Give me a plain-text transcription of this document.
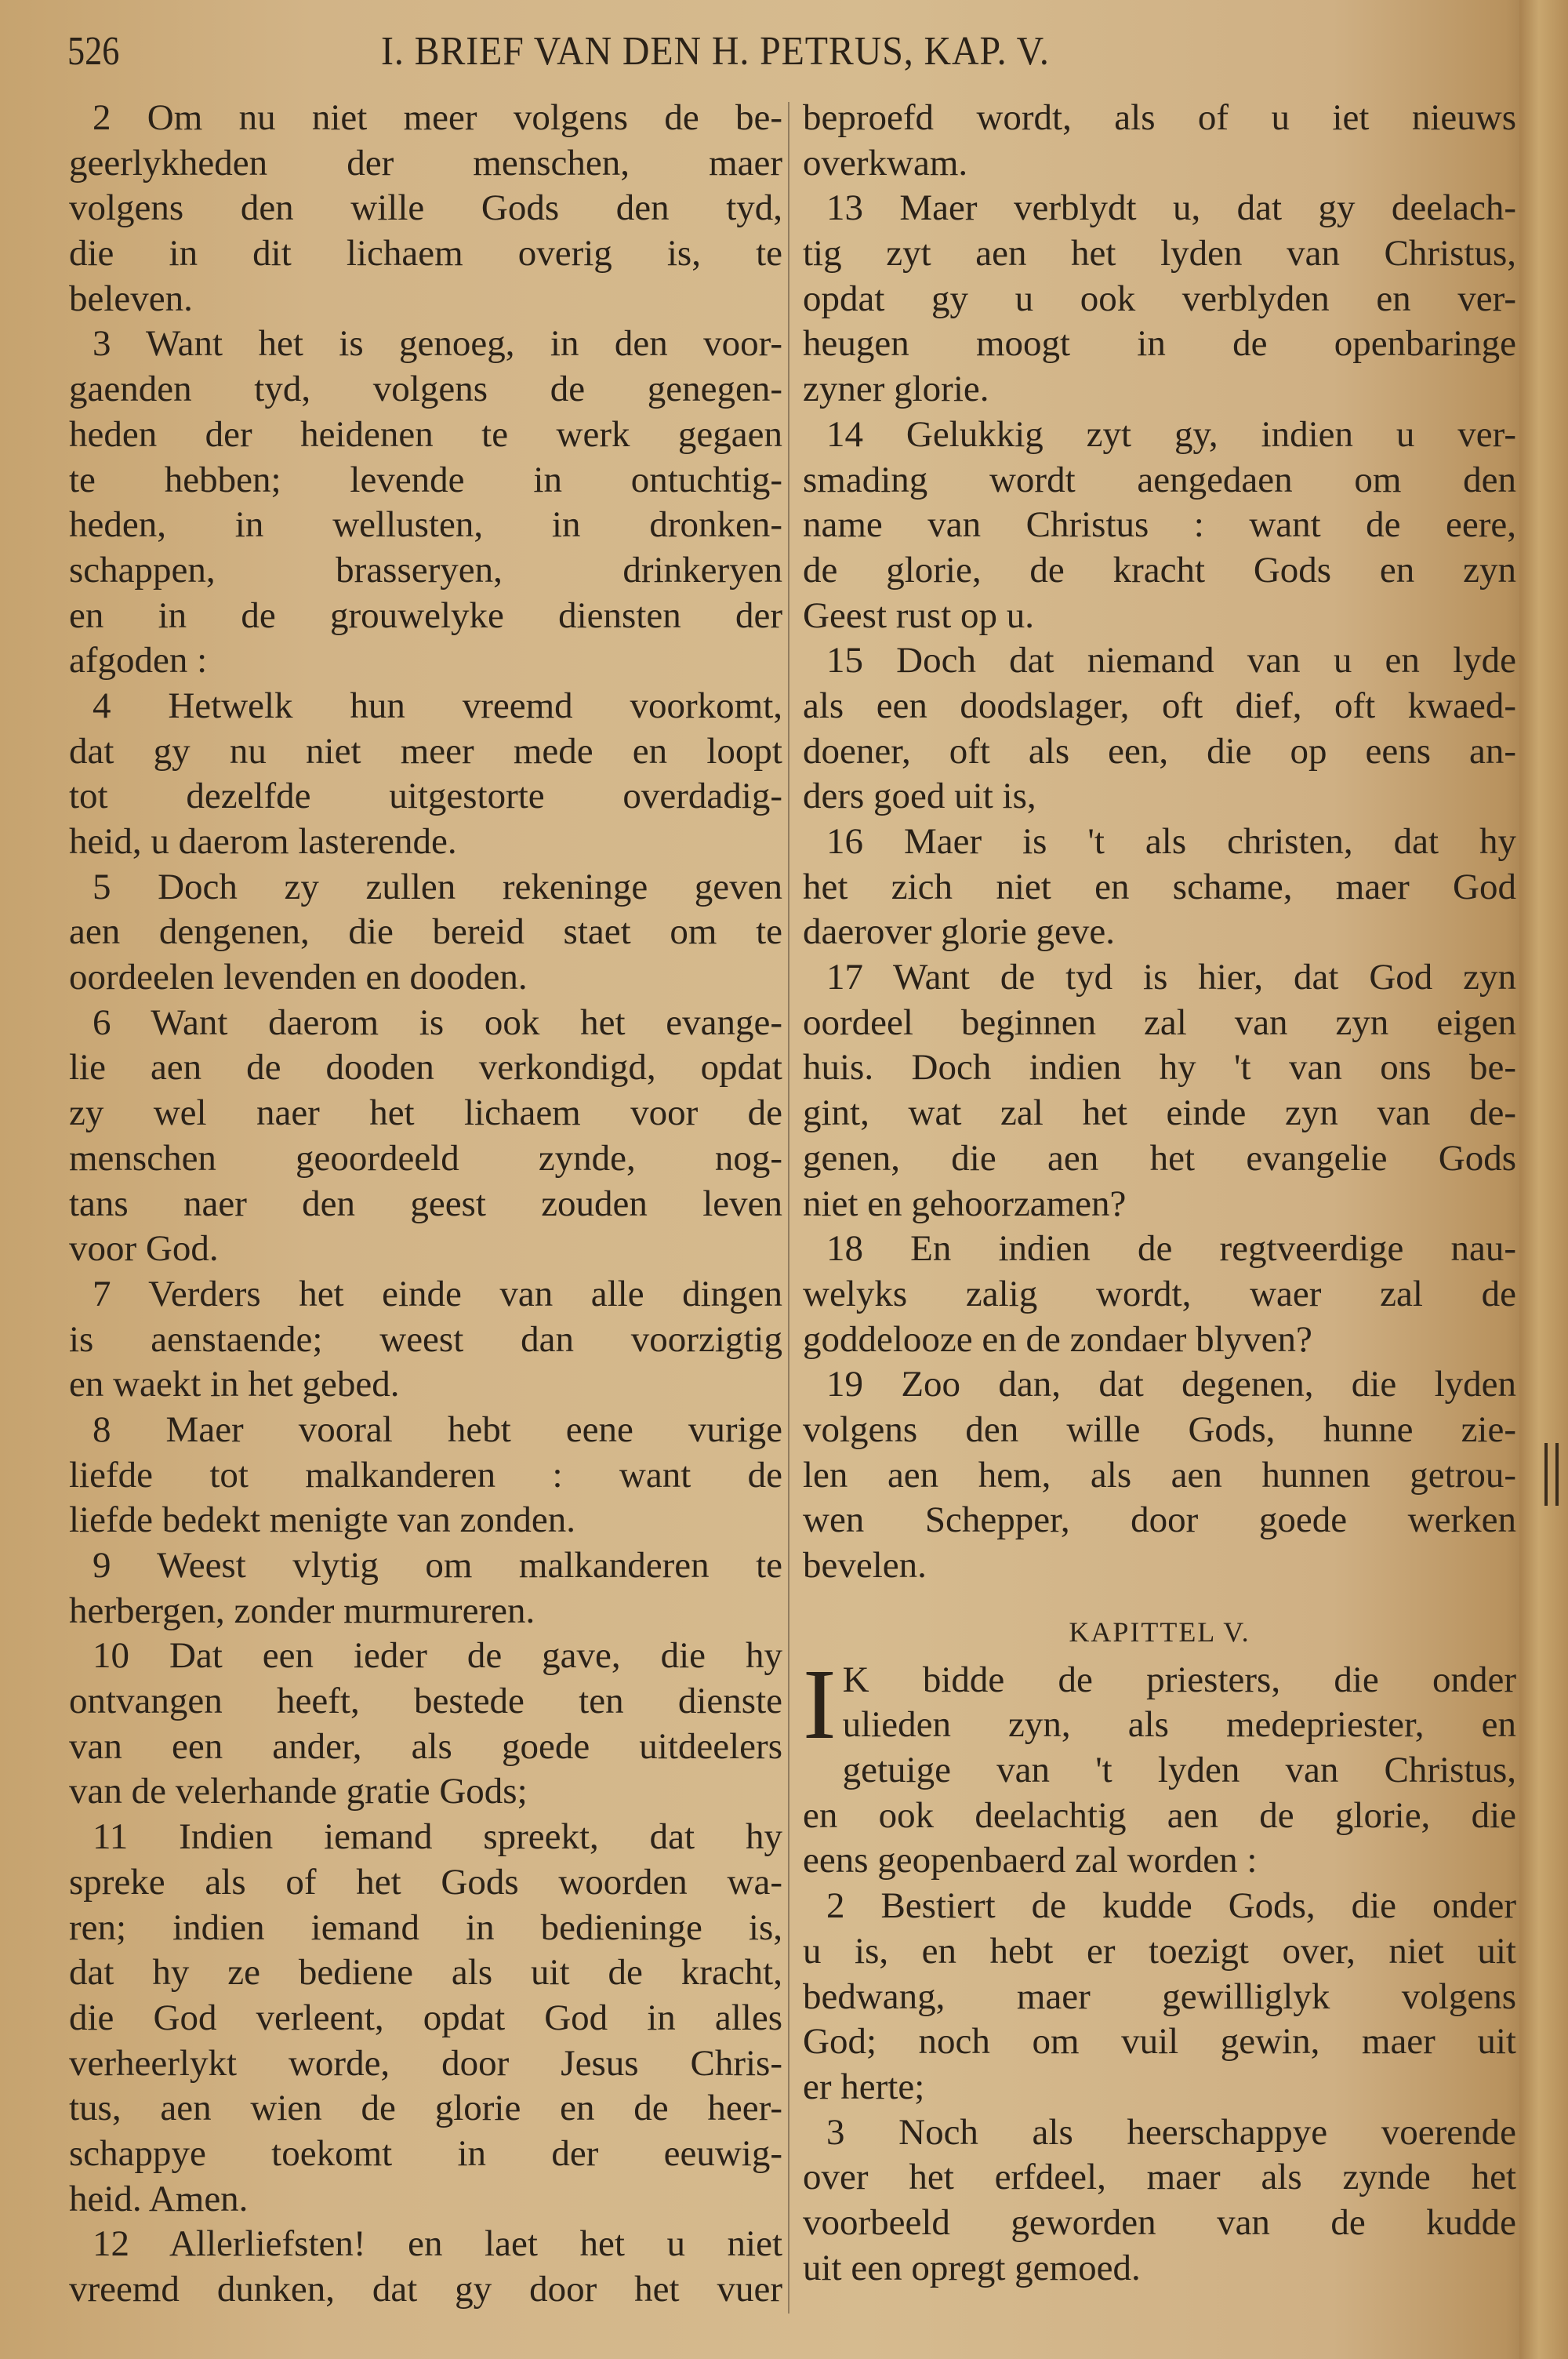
526	I. BRIEF VAN DEN H. PETRUS, KAP. V.
2 Om nu niet meer volgens de be-
geerlykheden der menschen, maer
volgens den wille Gods den tyd,
die in dit lichaem overig is, te
beleven.
3 Want het is genoeg, in den voor-
gaenden tyd, volgens de genegen-
heden der heidenen te werk gegaen
te hebben; levende in ontuchtig-
heden, in wellusten, in dronken-
schappen, brasseryen, drinkeryen
en in de grouwelyke diensten der
afgoden :
4 Hetwelk hun vreemd voorkomt,
dat gy nu niet meer mede en loopt
tot dezelfde uitgestorte overdadig-
heid, u daerom lasterende.
5 Doch zy zullen rekeninge geven
aen dengenen, die bereid staet om te
oordeelen levenden en dooden.
6 Want daerom is ook het evange-
lie aen de dooden verkondigd, opdat
zy wel naer het lichaem voor de
menschen geoordeeld zynde, nog-
tans naer den geest zouden leven
voor God.
7 Verders het einde van alle dingen
is aenstaende; weest dan voorzigtig
en waekt in het gebed.
8 Maer vooral hebt eene vurige
liefde tot malkanderen : want de
liefde bedekt menigte van zonden.
9 Weest vlytig om malkanderen te
herbergen, zonder murmureren.
10 Dat een ieder de gave, die hy
ontvangen heeft, bestede ten dienste
van een ander, als goede uitdeelers
van de velerhande gratie Gods;
11 Indien iemand spreekt, dat hy
spreke als of het Gods woorden wa-
ren; indien iemand in bedieninge is,
dat hy ze bediene als uit de kracht,
die God verleent, opdat God in alles
verheerlykt worde, door Jesus Chris-
tus, aen wien de glorie en de heer-
schappye toekomt in der eeuwig-
heid. Amen.
12 Allerliefsten! en laet het u niet
vreemd dunken, dat gy door het vuer
beproefd wordt, als of u iet nieuws
overkwam.
13 Maer verblydt u, dat gy deelach-
tig zyt aen het lyden van Christus,
opdat gy u ook verblyden en ver-
heugen moogt in de openbaringe
zyner glorie.
14 Gelukkig zyt gy, indien u ver-
smading wordt aengedaen om den
name van Christus : want de eere,
de glorie, de kracht Gods en zyn
Geest rust op u.
15 Doch dat niemand van u en lyde
als een doodslager, oft dief, oft kwaed-
doener, oft als een, die op eens an-
ders goed uit is,
16 Maer is 't als christen, dat hy
het zich niet en schame, maer God
daerover glorie geve.
17 Want de tyd is hier, dat God zyn
oordeel beginnen zal van zyn eigen
huis. Doch indien hy 't van ons be-
gint, wat zal het einde zyn van de-
genen, die aen het evangelie Gods
niet en gehoorzamen?
18 En indien de regtveerdige nau-
welyks zalig wordt, waer zal de
goddelooze en de zondaer blyven?
19 Zoo dan, dat degenen, die lyden
volgens den wille Gods, hunne zie-
len aen hem, als aen hunnen getrou-
wen Schepper, door goede werken
bevelen.
KAPITTEL V.
I K bidde de priesters, die onder
ulieden zyn, als medepriester, en
getuige van 't lyden van Christus,
en ook deelachtig aen de glorie, die
eens geopenbaerd zal worden :
2 Bestiert de kudde Gods, die onder
u is, en hebt er toezigt over, niet uit
bedwang, maer gewilliglyk volgens
God; noch om vuil gewin, maer uit
er herte;
3 Noch als heerschappye voerende
over het erfdeel, maer als zynde het
voorbeeld geworden van de kudde
uit een opregt gemoed.
